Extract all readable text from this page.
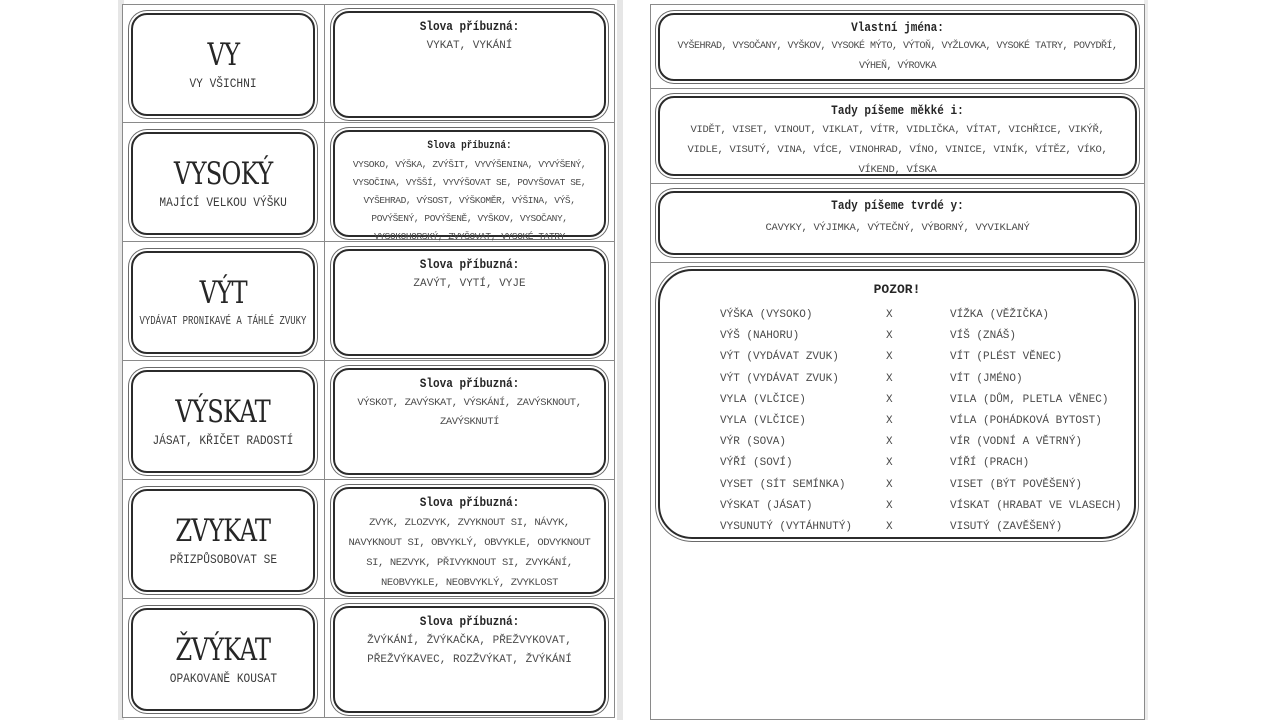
VY
VY VŠICHNI
Slova příbuzná:
VYKAT, VYKÁNÍ
VYSOKÝ
MAJÍCÍ VELKOU VÝŠKU
Slova příbuzná:
VYSOKO, VÝŠKA, ZVÝŠIT, VYVÝŠENINA, VYVÝŠENÝ, VYSOČINA, VYŠŠÍ, VYVÝŠOVAT SE, POVYŠOVAT SE, VYŠEHRAD, VÝSOST, VÝŠKOMĚR, VÝŠINA, VÝŠ, POVÝŠENÝ, POVÝŠENĚ, VYŠKOV, VYSOČANY, VYSOKOHORSKÝ, ZVYŠOVAT, VYSOKÉ TATRY
VÝT
VYDÁVAT PRONIKAVÉ A TÁHLÉ ZVUKY
Slova příbuzná:
ZAVÝT, VYTÍ, VYJE
VÝSKAT
JÁSAT, KŘIČET RADOSTÍ
Slova příbuzná:
VÝSKOT, ZAVÝSKAT, VÝSKÁNÍ, ZAVÝSKNOUT, ZAVÝSKNUTÍ
ZVYKAT
PŘIZPŮSOBOVAT SE
Slova příbuzná:
ZVYK, ZLOZVYK, ZVYKNOUT SI, NÁVYK, NAVYKNOUT SI, OBVYKLÝ, OBVYKLE, ODVYKNOUT SI, NEZVYK, PŘIVYKNOUT SI, ZVYKÁNÍ, NEOBVYKLE, NEOBVYKLÝ, ZVYKLOST
ŽVÝKAT
OPAKOVANĚ KOUSAT
Slova příbuzná:
ŽVÝKÁNÍ, ŽVÝKAČKA, PŘEŽVYKOVAT, PŘEŽVÝKAVEC, ROZŽVÝKAT, ŽVÝKÁNÍ
Vlastní jména:
VYŠEHRAD, VYSOČANY, VYŠKOV, VYSOKÉ MÝTO, VÝTOŇ, VYŽLOVKA, VYSOKÉ TATRY, POVYDŘÍ, VÝHEŇ, VÝROVKA
Tady píšeme měkké i:
VIDĚT, VISET, VINOUT, VIKLAT, VÍTR, VIDLIČKA, VÍTAT, VICHŘICE, VIKÝŘ, VIDLE, VISUTÝ, VINA, VÍCE, VINOHRAD, VÍNO, VINICE, VINÍK, VÍTĚZ, VÍKO, VÍKEND, VÍSKA
Tady píšeme tvrdé y:
CAVYKY, VÝJIMKA, VÝTEČNÝ, VÝBORNÝ, VYVIKLANÝ
POZOR!
VÝŠKA (VYSOKO)	X	VÍŽKA (VĚŽIČKA)
VÝŠ (NAHORU)	X	VÍŠ (ZNÁŠ)
VÝT (VYDÁVAT ZVUK)	X	VÍT (PLÉST VĚNEC)
VÝT (VYDÁVAT ZVUK)	X	VÍT (JMÉNO)
VYLA (VLČICE)	X	VILA (DŮM, PLETLA VĚNEC)
VYLA (VLČICE)	X	VÍLA (POHÁDKOVÁ BYTOST)
VÝR (SOVA)	X	VÍR (VODNÍ A VĚTRNÝ)
VÝŘÍ (SOVÍ)	X	VÍŘÍ (PRACH)
VYSET (SÍT SEMÍNKA)	X	VISET (BÝT POVĚŠENÝ)
VÝSKAT (JÁSAT)	X	VÍSKAT (HRABAT VE VLASECH)
VYSUNUTÝ (VYTÁHNUTÝ)	X	VISUTÝ (ZAVĚŠENÝ)
